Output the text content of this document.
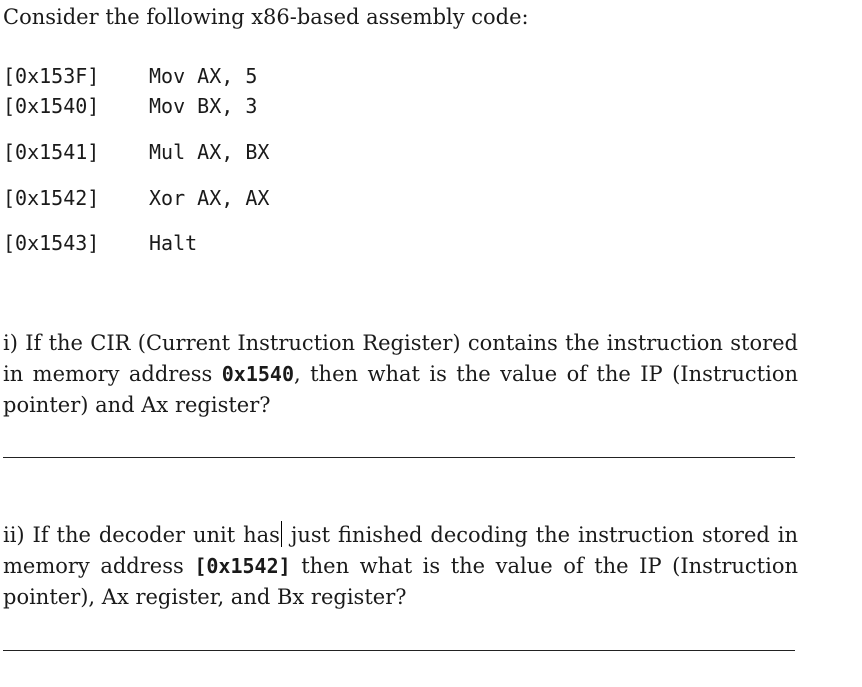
Consider the following x86-based assembly code:
[0x153F] Mov AX, 5
[0x1540] Mov BX, 3
[0x1541] Mul AX, BX
[0x1542] Xor AX, AX
[0x1543] Halt
i) If the CIR (Current Instruction Register) contains the instruction stored in memory address 0x1540, then what is the value of the IP (Instruction pointer) and Ax register?
ii) If the decoder unit has just finished decoding the instruction stored in memory address [0x1542] then what is the value of the IP (Instruction pointer), Ax register, and Bx register?
